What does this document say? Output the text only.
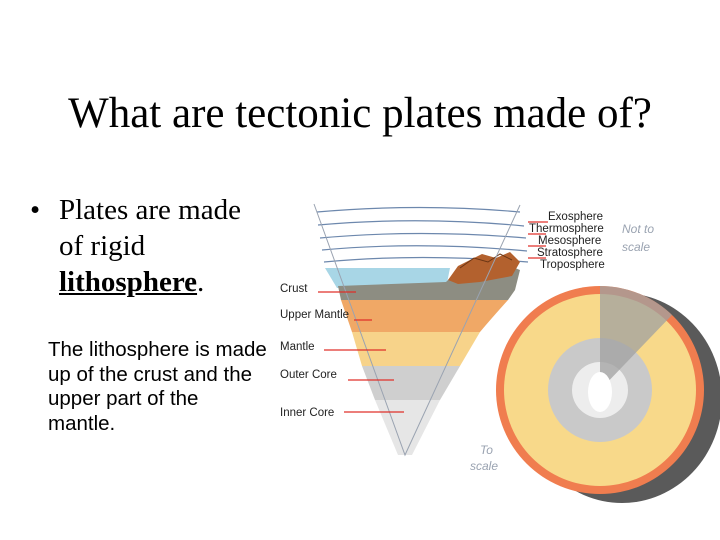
What are tectonic plates made of?
• Plates are made of rigid lithosphere.
The lithosphere is made up of the crust and the upper part of the mantle.
Crust
Upper Mantle
Mantle
Outer Core
Inner Core
Exosphere
Thermosphere
Mesosphere
Stratosphere
Troposphere
Not to
scale
To
scale
